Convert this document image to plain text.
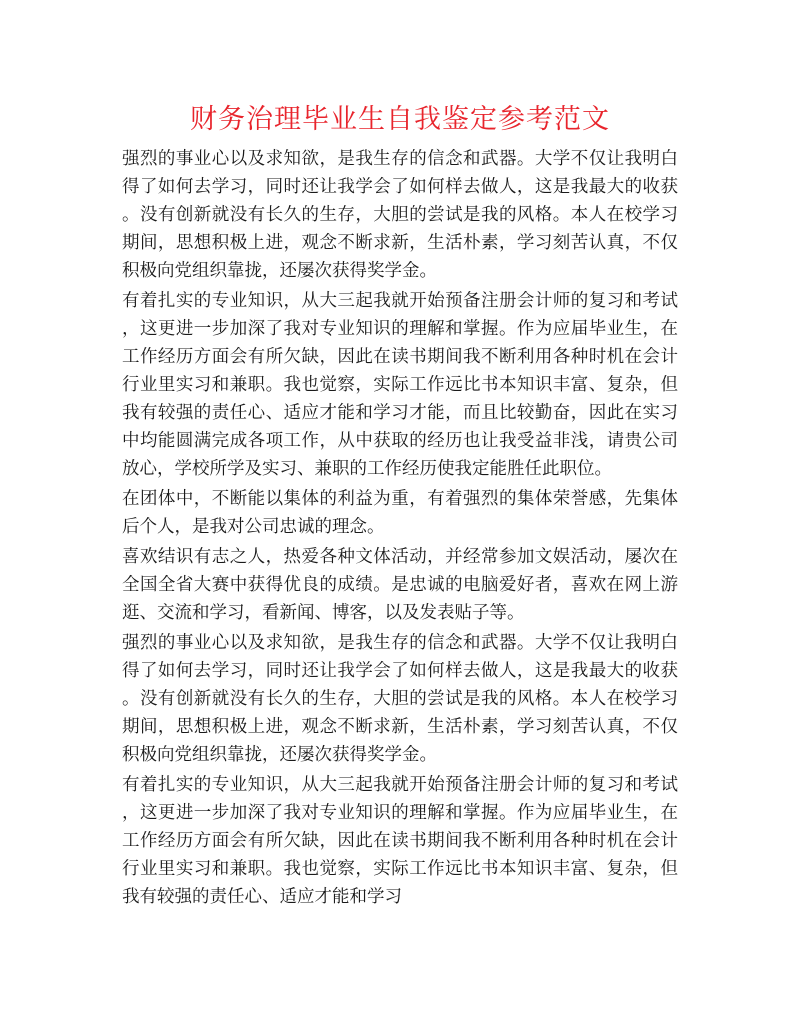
财务治理毕业生自我鉴定参考范文

强烈的事业心以及求知欲，是我生存的信念和武器。大学不仅让我明白得了如何去学习，同时还让我学会了如何样去做人，这是我最大的收获。没有创新就没有长久的生存，大胆的尝试是我的风格。本人在校学习期间，思想积极上进，观念不断求新，生活朴素，学习刻苦认真，不仅积极向党组织靠拢，还屡次获得奖学金。

有着扎实的专业知识，从大三起我就开始预备注册会计师的复习和考试，这更进一步加深了我对专业知识的理解和掌握。作为应届毕业生，在工作经历方面会有所欠缺，因此在读书期间我不断利用各种时机在会计行业里实习和兼职。我也觉察，实际工作远比书本知识丰富、复杂，但我有较强的责任心、适应才能和学习才能，而且比较勤奋，因此在实习中均能圆满完成各项工作，从中获取的经历也让我受益非浅，请贵公司放心，学校所学及实习、兼职的工作经历使我定能胜任此职位。

在团体中，不断能以集体的利益为重，有着强烈的集体荣誉感，先集体后个人，是我对公司忠诚的理念。

喜欢结识有志之人，热爱各种文体活动，并经常参加文娱活动，屡次在全国全省大赛中获得优良的成绩。是忠诚的电脑爱好者，喜欢在网上游逛、交流和学习，看新闻、博客，以及发表贴子等。

强烈的事业心以及求知欲，是我生存的信念和武器。大学不仅让我明白得了如何去学习，同时还让我学会了如何样去做人，这是我最大的收获。没有创新就没有长久的生存，大胆的尝试是我的风格。本人在校学习期间，思想积极上进，观念不断求新，生活朴素，学习刻苦认真，不仅积极向党组织靠拢，还屡次获得奖学金。

有着扎实的专业知识，从大三起我就开始预备注册会计师的复习和考试，这更进一步加深了我对专业知识的理解和掌握。作为应届毕业生，在工作经历方面会有所欠缺，因此在读书期间我不断利用各种时机在会计行业里实习和兼职。我也觉察，实际工作远比书本知识丰富、复杂，但我有较强的责任心、适应才能和学习
